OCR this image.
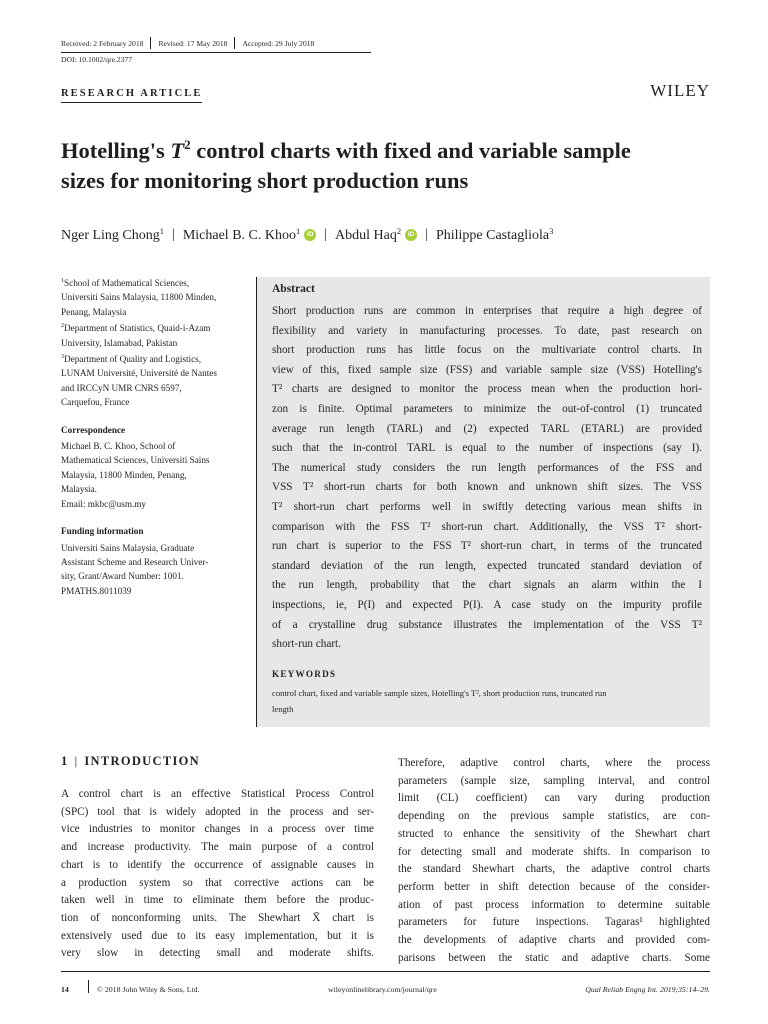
Received: 2 February 2018 Revised: 17 May 2018 Accepted: 29 July 2018
DOI: 10.1002/qre.2377
RESEARCH ARTICLE	WILEY
Hotelling's $T^2$ control charts with fixed and variable sample
sizes for monitoring short production runs
Nger Ling Chong$^1$ | Michael B. C. Khoo$^1$	iD | Abdul Haq$^2$	iD | Philippe Castagliola$^3$

$^1$School of Mathematical Sciences,
Universiti Sains Malaysia, 11800 Minden,
Penang, Malaysia

$^2$Department of Statistics, Quaid-i-Azam
University, Islamabad, Pakistan

$^3$Department of Quality and Logistics,
LUNAM Université, Université de Nantes
and IRCCyN UMR CNRS 6597,
Carquefou, France

Correspondence

Michael B. C. Khoo, School of
Mathematical Sciences, Universiti Sains
Malaysia, 11800 Minden, Penang,
Malaysia.
Email: mkbc@usm.my

Funding information

Universiti Sains Malaysia, Graduate
Assistant Scheme and Research Univer-
sity, Grant/Award Number: 1001.
PMATHS.8011039

Abstract
Short production runs are common in enterprises that require a high degree of
flexibility and variety in manufacturing processes. To date, past research on
short production runs has little focus on the multivariate control charts. In
view of this, fixed sample size (FSS) and variable sample size (VSS) Hotelling's
T² charts are designed to monitor the process mean when the production hori-
zon is finite. Optimal parameters to minimize the out-of-control (1) truncated
average run length (TARL) and (2) expected TARL (ETARL) are provided
such that the in-control TARL is equal to the number of inspections (say I).
The numerical study considers the run length performances of the FSS and
VSS T² short-run charts for both known and unknown shift sizes. The VSS
T² short-run chart performs well in swiftly detecting various mean shifts in
comparison with the FSS T² short-run chart. Additionally, the VSS T² short-
run chart is superior to the FSS T² short-run chart, in terms of the truncated
standard deviation of the run length, expected truncated standard deviation of
the run length, probability that the chart signals an alarm within the I
inspections, ie, P(I) and expected P(I). A case study on the impurity profile
of a crystalline drug substance illustrates the implementation of the VSS T²
short-run chart.
KEYWORDS
control chart, fixed and variable sample sizes, Hotelling's T², short production runs, truncated run
length
1 | INTRODUCTION
A control chart is an effective Statistical Process Control
(SPC) tool that is widely adopted in the process and ser-
vice industries to monitor changes in a process over time
and increase productivity. The main purpose of a control
chart is to identify the occurrence of assignable causes in
a production system so that corrective actions can be
taken well in time to eliminate them before the produc-
tion of nonconforming units. The Shewhart X̄ chart is
extensively used due to its easy implementation, but it is
very slow in detecting small and moderate shifts.
Therefore, adaptive control charts, where the process
parameters (sample size, sampling interval, and control
limit (CL) coefficient) can vary during production
depending on the previous sample statistics, are con-
structed to enhance the sensitivity of the Shewhart chart
for detecting small and moderate shifts. In comparison to
the standard Shewhart charts, the adaptive control charts
perform better in shift detection because of the consider-
ation of past process information to determine suitable
parameters for future inspections. Tagaras¹ highlighted
the developments of adaptive charts and provided com-
parisons between the static and adaptive charts. Some
14	© 2018 John Wiley & Sons, Ltd.	wileyonlinelibrary.com/journal/qre	Qual Reliab Engng Int. 2019;35:14–29.
